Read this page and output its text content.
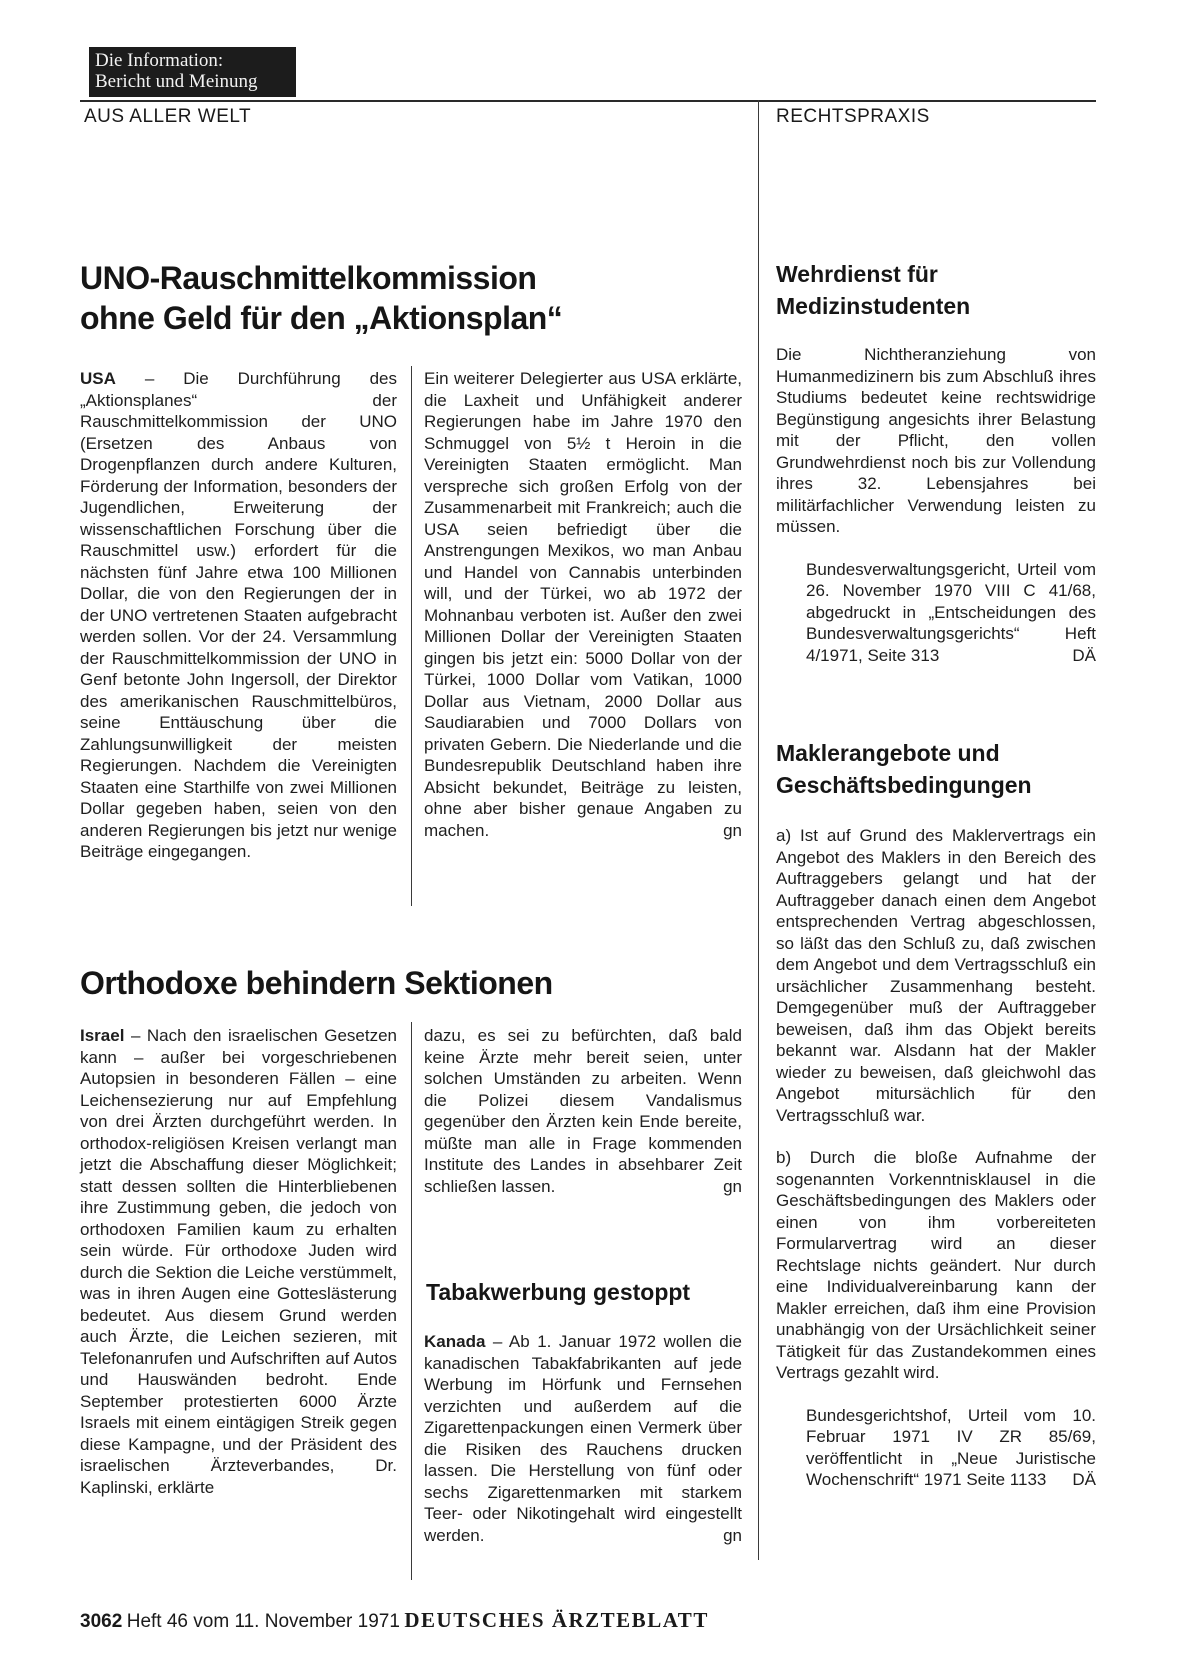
Die Information:
Bericht und Meinung
AUS ALLER WELT	RECHTSPRAXIS
UNO-Rauschmittelkommission
ohne Geld für den „Aktionsplan“

USA – Die Durchführung des „Aktionsplanes“ der Rauschmittelkommission der UNO (Ersetzen des Anbaus von Drogenpflanzen durch andere Kulturen, Förderung der Information, besonders der Jugendlichen, Erweiterung der wissenschaftlichen Forschung über die Rauschmittel usw.) erfordert für die nächsten fünf Jahre etwa 100 Millionen Dollar, die von den Regierungen der in der UNO vertretenen Staaten aufgebracht werden sollen. Vor der 24. Versammlung der Rauschmittelkommission der UNO in Genf betonte John Ingersoll, der Direktor des amerikanischen Rauschmittelbüros, seine Enttäuschung über die Zahlungsunwilligkeit der meisten Regierungen. Nachdem die Vereinigten Staaten eine Starthilfe von zwei Millionen Dollar gegeben haben, seien von den anderen Regierungen bis jetzt nur wenige Beiträge eingegangen.

Ein weiterer Delegierter aus USA erklärte, die Laxheit und Unfähigkeit anderer Regierungen habe im Jahre 1970 den Schmuggel von 5½ t Heroin in die Vereinigten Staaten ermöglicht. Man verspreche sich großen Erfolg von der Zusammenarbeit mit Frankreich; auch die USA seien befriedigt über die Anstrengungen Mexikos, wo man Anbau und Handel von Cannabis unterbinden will, und der Türkei, wo ab 1972 der Mohnanbau verboten ist. Außer den zwei Millionen Dollar der Vereinigten Staaten gingen bis jetzt ein: 5000 Dollar von der Türkei, 1000 Dollar vom Vatikan, 1000 Dollar aus Vietnam, 2000 Dollar aus Saudiarabien und 7000 Dollars von privaten Gebern. Die Niederlande und die Bundesrepublik Deutschland haben ihre Absicht bekundet, Beiträge zu leisten, ohne aber bisher genaue Angaben zu machen.	gn

Orthodoxe behindern Sektionen

Israel – Nach den israelischen Gesetzen kann – außer bei vorgeschriebenen Autopsien in besonderen Fällen – eine Leichensezierung nur auf Empfehlung von drei Ärzten durchgeführt werden. In orthodox-religiösen Kreisen verlangt man jetzt die Abschaffung dieser Möglichkeit; statt dessen sollten die Hinterbliebenen ihre Zustimmung geben, die jedoch von orthodoxen Familien kaum zu erhalten sein würde. Für orthodoxe Juden wird durch die Sektion die Leiche verstümmelt, was in ihren Augen eine Gotteslästerung bedeutet. Aus diesem Grund werden auch Ärzte, die Leichen sezieren, mit Telefonanrufen und Aufschriften auf Autos und Hauswänden bedroht. Ende September protestierten 6000 Ärzte Israels mit einem eintägigen Streik gegen diese Kampagne, und der Präsident des israelischen Ärzteverbandes, Dr. Kaplinski, erklärte

dazu, es sei zu befürchten, daß bald keine Ärzte mehr bereit seien, unter solchen Umständen zu arbeiten. Wenn die Polizei diesem Vandalismus gegenüber den Ärzten kein Ende bereite, müßte man alle in Frage kommenden Institute des Landes in absehbarer Zeit schließen lassen.	gn

Tabakwerbung gestoppt

Kanada – Ab 1. Januar 1972 wollen die kanadischen Tabakfabrikanten auf jede Werbung im Hörfunk und Fernsehen verzichten und außerdem auf die Zigarettenpackungen einen Vermerk über die Risiken des Rauchens drucken lassen. Die Herstellung von fünf oder sechs Zigarettenmarken mit starkem Teer- oder Nikotingehalt wird eingestellt werden.	gn

Wehrdienst für
Medizinstudenten

Die Nichtheranziehung von Humanmedizinern bis zum Abschluß ihres Studiums bedeutet keine rechtswidrige Begünstigung angesichts ihrer Belastung mit der Pflicht, den vollen Grundwehrdienst noch bis zur Vollendung ihres 32. Lebensjahres bei militärfachlicher Verwendung leisten zu müssen.

Bundesverwaltungsgericht, Urteil vom 26. November 1970 VIII C 41/68, abgedruckt in „Entscheidungen des Bundesverwaltungsgerichts“ Heft 4/1971, Seite 313	DÄ

Maklerangebote und
Geschäftsbedingungen

a) Ist auf Grund des Maklervertrags ein Angebot des Maklers in den Bereich des Auftraggebers gelangt und hat der Auftraggeber danach einen dem Angebot entsprechenden Vertrag abgeschlossen, so läßt das den Schluß zu, daß zwischen dem Angebot und dem Vertragsschluß ein ursächlicher Zusammenhang besteht. Demgegenüber muß der Auftraggeber beweisen, daß ihm das Objekt bereits bekannt war. Alsdann hat der Makler wieder zu beweisen, daß gleichwohl das Angebot mitursächlich für den Vertragsschluß war.

b) Durch die bloße Aufnahme der sogenannten Vorkenntnisklausel in die Geschäftsbedingungen des Maklers oder einen von ihm vorbereiteten Formularvertrag wird an dieser Rechtslage nichts geändert. Nur durch eine Individualvereinbarung kann der Makler erreichen, daß ihm eine Provision unabhängig von der Ursächlichkeit seiner Tätigkeit für das Zustandekommen eines Vertrags gezahlt wird.

Bundesgerichtshof, Urteil vom 10. Februar 1971 IV ZR 85/69, veröffentlicht in „Neue Juristische Wochenschrift“ 1971 Seite 1133 DÄ

3062 Heft 46 vom 11. November 1971 DEUTSCHES ÄRZTEBLATT
